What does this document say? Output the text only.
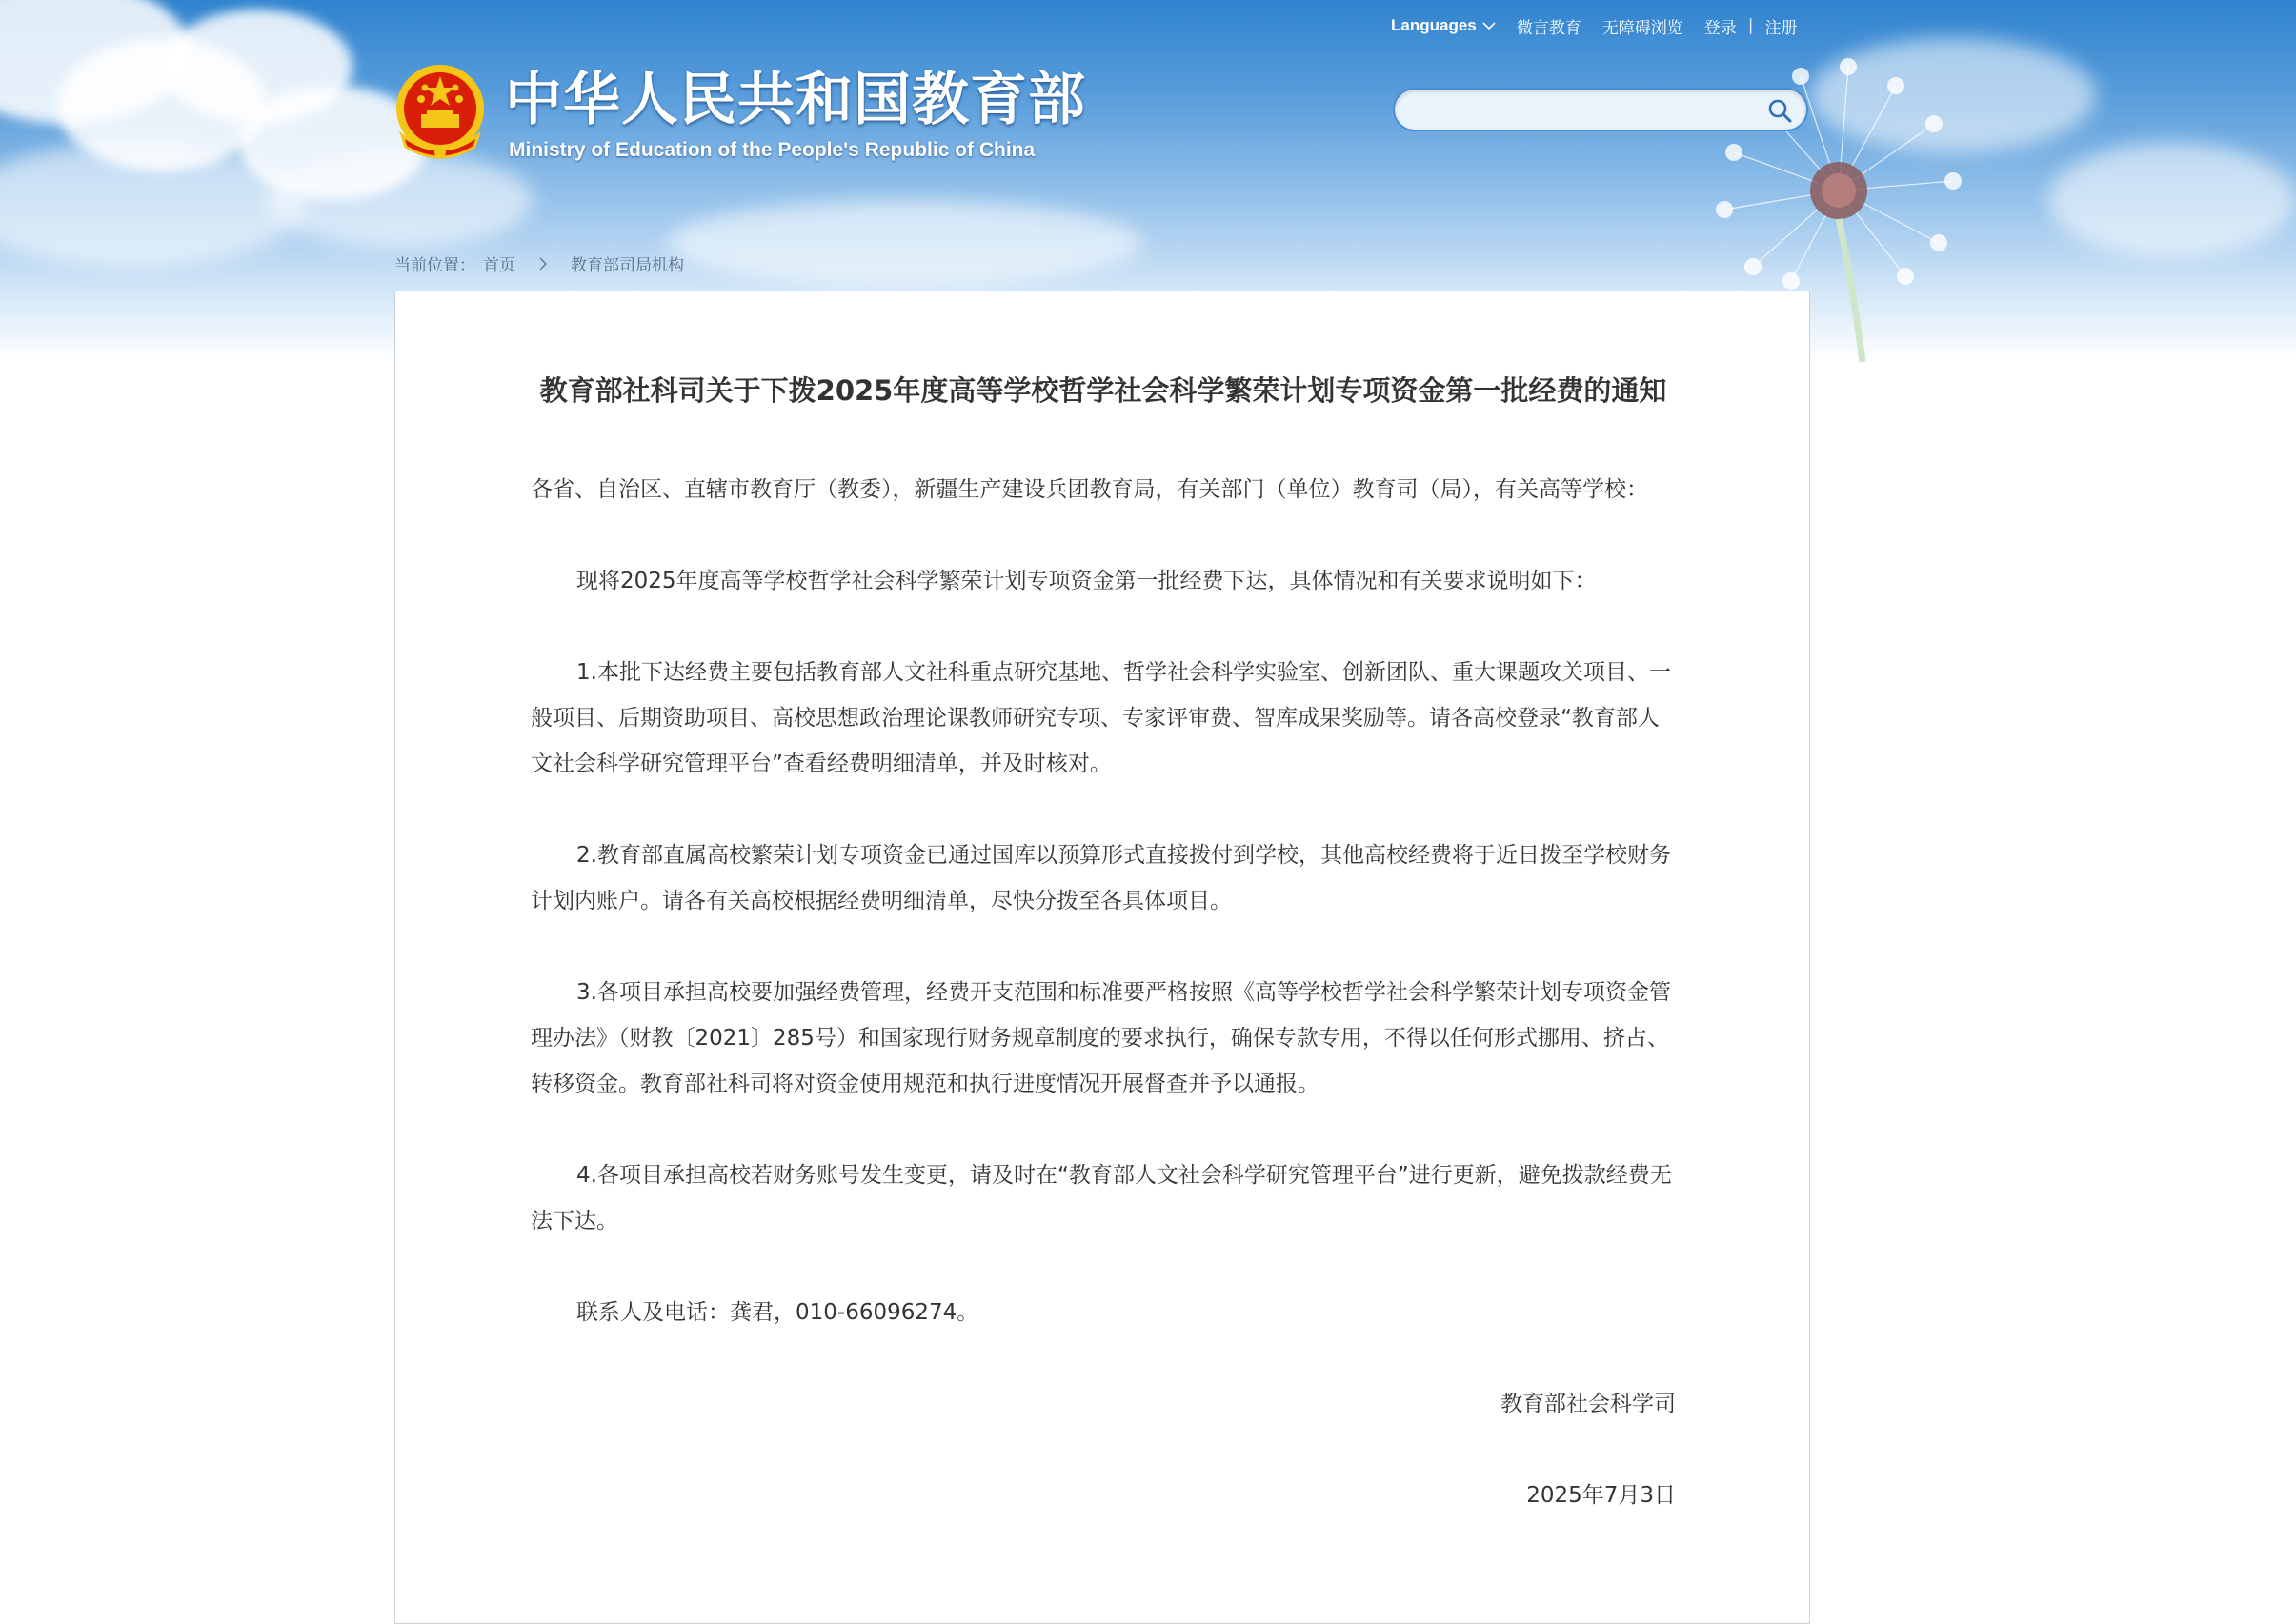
中华人民共和国教育部
Ministry of Education of the People's Republic of China
Languages 微言教育 无障碍浏览 登录 | 注册
当前位置： 首页	教育部司局机构
教育部社科司关于下拨2025年度高等学校哲学社会科学繁荣计划专项资金第一批经费的通知

各省、自治区、直辖市教育厅（教委），新疆生产建设兵团教育局，有关部门（单位）教育司（局），有关高等学校：

现将2025年度高等学校哲学社会科学繁荣计划专项资金第一批经费下达，具体情况和有关要求说明如下：

1.本批下达经费主要包括教育部人文社科重点研究基地、哲学社会科学实验室、创新团队、重大课题攻关项目、一般项目、后期资助项目、高校思想政治理论课教师研究专项、专家评审费、智库成果奖励等。请各高校登录“教育部人文社会科学研究管理平台”查看经费明细清单，并及时核对。

2.教育部直属高校繁荣计划专项资金已通过国库以预算形式直接拨付到学校，其他高校经费将于近日拨至学校财务计划内账户。请各有关高校根据经费明细清单，尽快分拨至各具体项目。

3.各项目承担高校要加强经费管理，经费开支范围和标准要严格按照《高等学校哲学社会科学繁荣计划专项资金管理办法》（财教〔2021〕285号）和国家现行财务规章制度的要求执行，确保专款专用，不得以任何形式挪用、挤占、转移资金。教育部社科司将对资金使用规范和执行进度情况开展督查并予以通报。

4.各项目承担高校若财务账号发生变更，请及时在“教育部人文社会科学研究管理平台”进行更新，避免拨款经费无法下达。

联系人及电话：龚君，010-66096274。

教育部社会科学司

2025年7月3日
